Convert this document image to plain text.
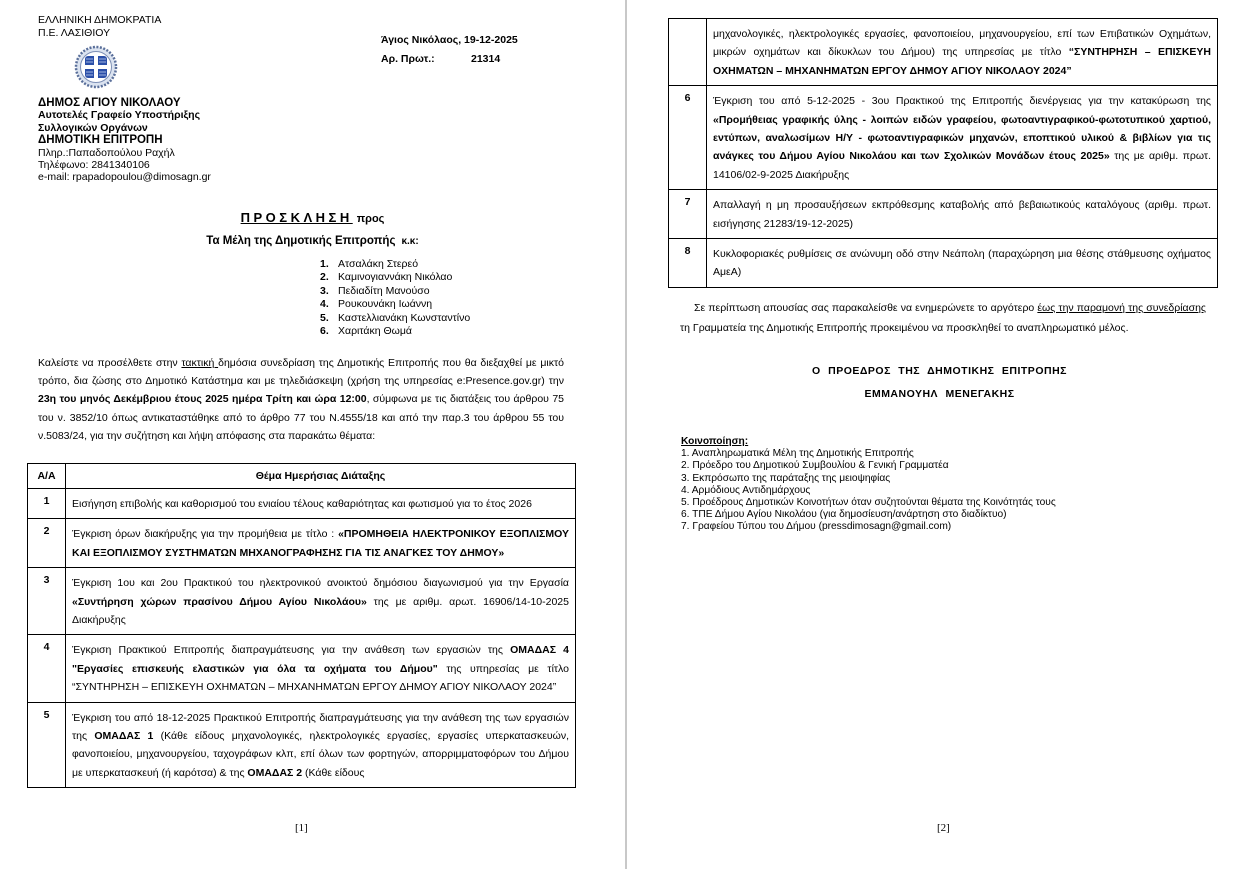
ΕΛΛΗΝΙΚΗ ΔΗΜΟΚΡΑΤΙΑ
Π.Ε. ΛΑΣΙΘΙΟΥ
ΔΗΜΟΣ ΑΓΙΟΥ ΝΙΚΟΛΑΟΥ
Αυτοτελές Γραφείο Υποστήριξης
Συλλογικών Οργάνων
ΔΗΜΟΤΙΚΗ ΕΠΙΤΡΟΠΗ
Πληρ.:Παπαδοπούλου Ραχήλ
Τηλέφωνο: 2841340106
e-mail: rpapadopoulou@dimosagn.gr
Άγιος Νικόλαος, 19-12-2025
Αρ. Πρωτ.:	21314
ΠΡΟΣΚΛΗΣΗ προς
Τα Μέλη της Δημοτικής Επιτροπής κ.κ:
1. Ατσαλάκη Στερεό
2. Καμινογιαννάκη Νικόλαο
3. Πεδιαδίτη Μανούσο
4. Ρουκουνάκη Ιωάννη
5. Καστελλιανάκη Κωνσταντίνο
6. Χαριτάκη Θωμά
Καλείστε να προσέλθετε στην τακτική δημόσια συνεδρίαση της Δημοτικής Επιτροπής που θα διεξαχθεί με μικτό τρόπο, δια ζώσης στο Δημοτικό Κατάστημα και με τηλεδιάσκεψη (χρήση της υπηρεσίας e:Presence.gov.gr) την 23η του μηνός Δεκέμβριου έτους 2025 ημέρα Τρίτη και ώρα 12:00, σύμφωνα με τις διατάξεις του άρθρου 75 του ν. 3852/10 όπως αντικαταστάθηκε από το άρθρο 77 του Ν.4555/18 και από την παρ.3 του άρθρου 55 του ν.5083/24, για την συζήτηση και λήψη απόφασης στα παρακάτω θέματα:
Α/Α	Θέμα Ημερήσιας Διάταξης
1	Εισήγηση επιβολής και καθορισμού του ενιαίου τέλους καθαριότητας και φωτισμού για το έτος 2026
2	Έγκριση όρων διακήρυξης για την προμήθεια με τίτλο : «ΠΡΟΜΗΘΕΙΑ ΗΛΕΚΤΡΟΝΙΚΟΥ ΕΞΟΠΛΙΣΜΟΥ ΚΑΙ ΕΞΟΠΛΙΣΜΟΥ ΣΥΣΤΗΜΑΤΩΝ ΜΗΧΑΝΟΓΡΑΦΗΣΗΣ ΓΙΑ ΤΙΣ ΑΝΑΓΚΕΣ ΤΟΥ ΔΗΜΟΥ»
3	Έγκριση 1ου και 2ου Πρακτικού του ηλεκτρονικού ανοικτού δημόσιου διαγωνισμού για την Εργασία «Συντήρηση χώρων πρασίνου Δήμου Αγίου Νικολάου» της με αριθμ. αρωτ. 16906/14-10-2025 Διακήρυξης
4	Έγκριση Πρακτικού Επιτροπής διαπραγμάτευσης για την ανάθεση των εργασιών της ΟΜΑΔΑΣ 4 "Εργασίες επισκευής ελαστικών για όλα τα οχήματα του Δήμου" της υπηρεσίας με τίτλο “ΣΥΝΤΗΡΗΣΗ – ΕΠΙΣΚΕΥΗ ΟΧΗΜΑΤΩΝ – ΜΗΧΑΝΗΜΑΤΩΝ ΕΡΓΟΥ ΔΗΜΟΥ ΑΓΙΟΥ ΝΙΚΟΛΑΟΥ 2024”
5	Έγκριση του από 18-12-2025 Πρακτικού Επιτροπής διαπραγμάτευσης για την ανάθεση της των εργασιών της ΟΜΑΔΑΣ 1 (Κάθε είδους μηχανολογικές, ηλεκτρολογικές εργασίες, εργασίες υπερκατασκευών, φανοποιείου, μηχανουργείου, ταχογράφων κλπ, επί όλων των φορτηγών, απορριμματοφόρων του Δήμου με υπερκατασκευή (ή καρότσα) & της ΟΜΑΔΑΣ 2 (Κάθε είδους
[1]
	μηχανολογικές, ηλεκτρολογικές εργασίες, φανοποιείου, μηχανουργείου, επί των Επιβατικών Οχημάτων, μικρών οχημάτων και δίκυκλων του Δήμου) της υπηρεσίας με τίτλο “ΣΥΝΤΗΡΗΣΗ – ΕΠΙΣΚΕΥΗ ΟΧΗΜΑΤΩΝ – ΜΗΧΑΝΗΜΑΤΩΝ ΕΡΓΟΥ ΔΗΜΟΥ ΑΓΙΟΥ ΝΙΚΟΛΑΟΥ 2024”
6	Έγκριση του από 5-12-2025 - 3ου Πρακτικού της Επιτροπής διενέργειας για την κατακύρωση της «Προμήθειας γραφικής ύλης - λοιπών ειδών γραφείου, φωτοαντιγραφικού-φωτοτυπικού χαρτιού, εντύπων, αναλωσίμων Η/Υ - φωτοαντιγραφικών μηχανών, εποπτικού υλικού & βιβλίων για τις ανάγκες του Δήμου Αγίου Νικολάου και των Σχολικών Μονάδων έτους 2025» της με αριθμ. πρωτ. 14106/02-9-2025 Διακήρυξης
7	Απαλλαγή η μη προσαυξήσεων εκπρόθεσμης καταβολής από βεβαιωτικούς καταλόγους (αριθμ. πρωτ. εισήγησης 21283/19-12-2025)
8	Κυκλοφοριακές ρυθμίσεις σε ανώνυμη οδό στην Νεάπολη (παραχώρηση μια θέσης στάθμευσης οχήματος ΑμεΑ)
Σε περίπτωση απουσίας σας παρακαλείσθε να ενημερώνετε το αργότερο έως την παραμονή της συνεδρίασης τη Γραμματεία της Δημοτικής Επιτροπής προκειμένου να προσκληθεί το αναπληρωματικό μέλος.
Ο ΠΡΟΕΔΡΟΣ ΤΗΣ ΔΗΜΟΤΙΚΗΣ ΕΠΙΤΡΟΠΗΣ
ΕΜΜΑΝΟΥΗΛ ΜΕΝΕΓΑΚΗΣ
Κοινοποίηση:
1. Αναπληρωματικά Μέλη της Δημοτικής Επιτροπής
2. Πρόεδρο του Δημοτικού Συμβουλίου & Γενική Γραμματέα
3. Εκπρόσωπο της παράταξης της μειοψηφίας
4. Αρμόδιους Αντιδημάρχους
5. Προέδρους Δημοτικών Κοινοτήτων όταν συζητούνται θέματα της Κοινότητάς τους
6. ΤΠΕ Δήμου Αγίου Νικολάου (για δημοσίευση/ανάρτηση στο διαδίκτυο)
7. Γραφείου Τύπου του Δήμου (pressdimosagn@gmail.com)
[2]
